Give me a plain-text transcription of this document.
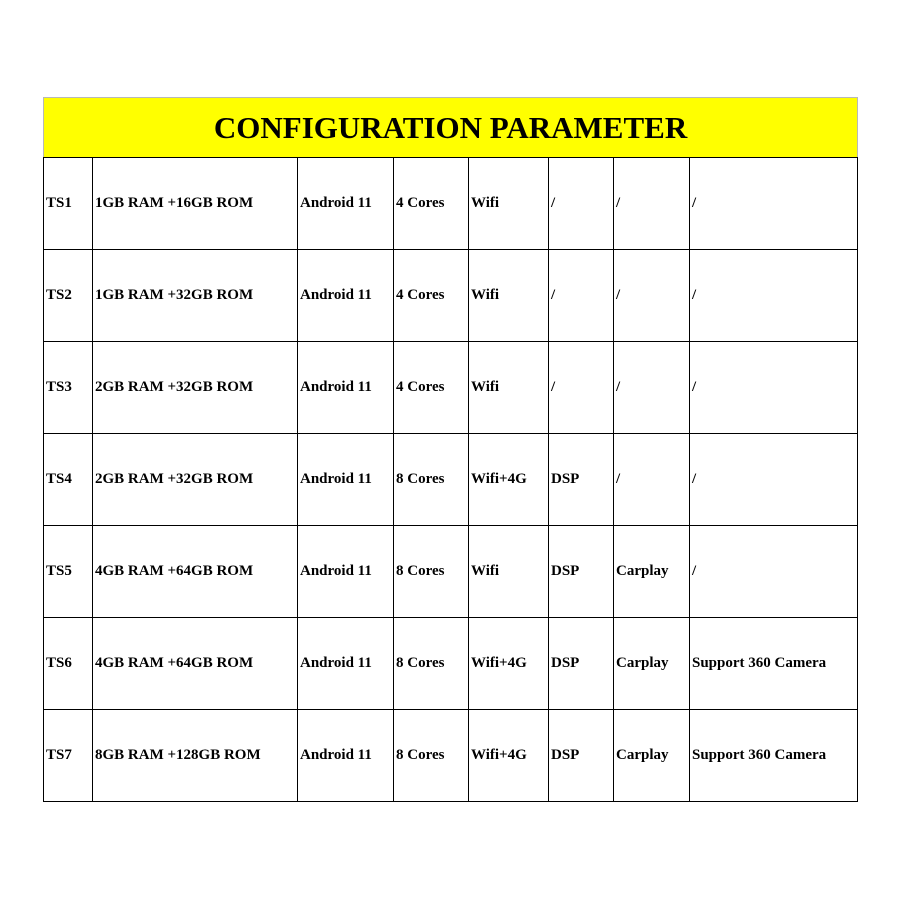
CONFIGURATION PARAMETER							
TS1	1GB RAM +16GB ROM	Android 11	4 Cores	Wifi	/	/	/
TS2	1GB RAM +32GB ROM	Android 11	4 Cores	Wifi	/	/	/
TS3	2GB RAM +32GB ROM	Android 11	4 Cores	Wifi	/	/	/
TS4	2GB RAM +32GB ROM	Android 11	8 Cores	Wifi+4G	DSP	/	/
TS5	4GB RAM +64GB ROM	Android 11	8 Cores	Wifi	DSP	Carplay	/
TS6	4GB RAM +64GB ROM	Android 11	8 Cores	Wifi+4G	DSP	Carplay	Support 360 Camera
TS7	8GB RAM +128GB ROM	Android 11	8 Cores	Wifi+4G	DSP	Carplay	Support 360 Camera
